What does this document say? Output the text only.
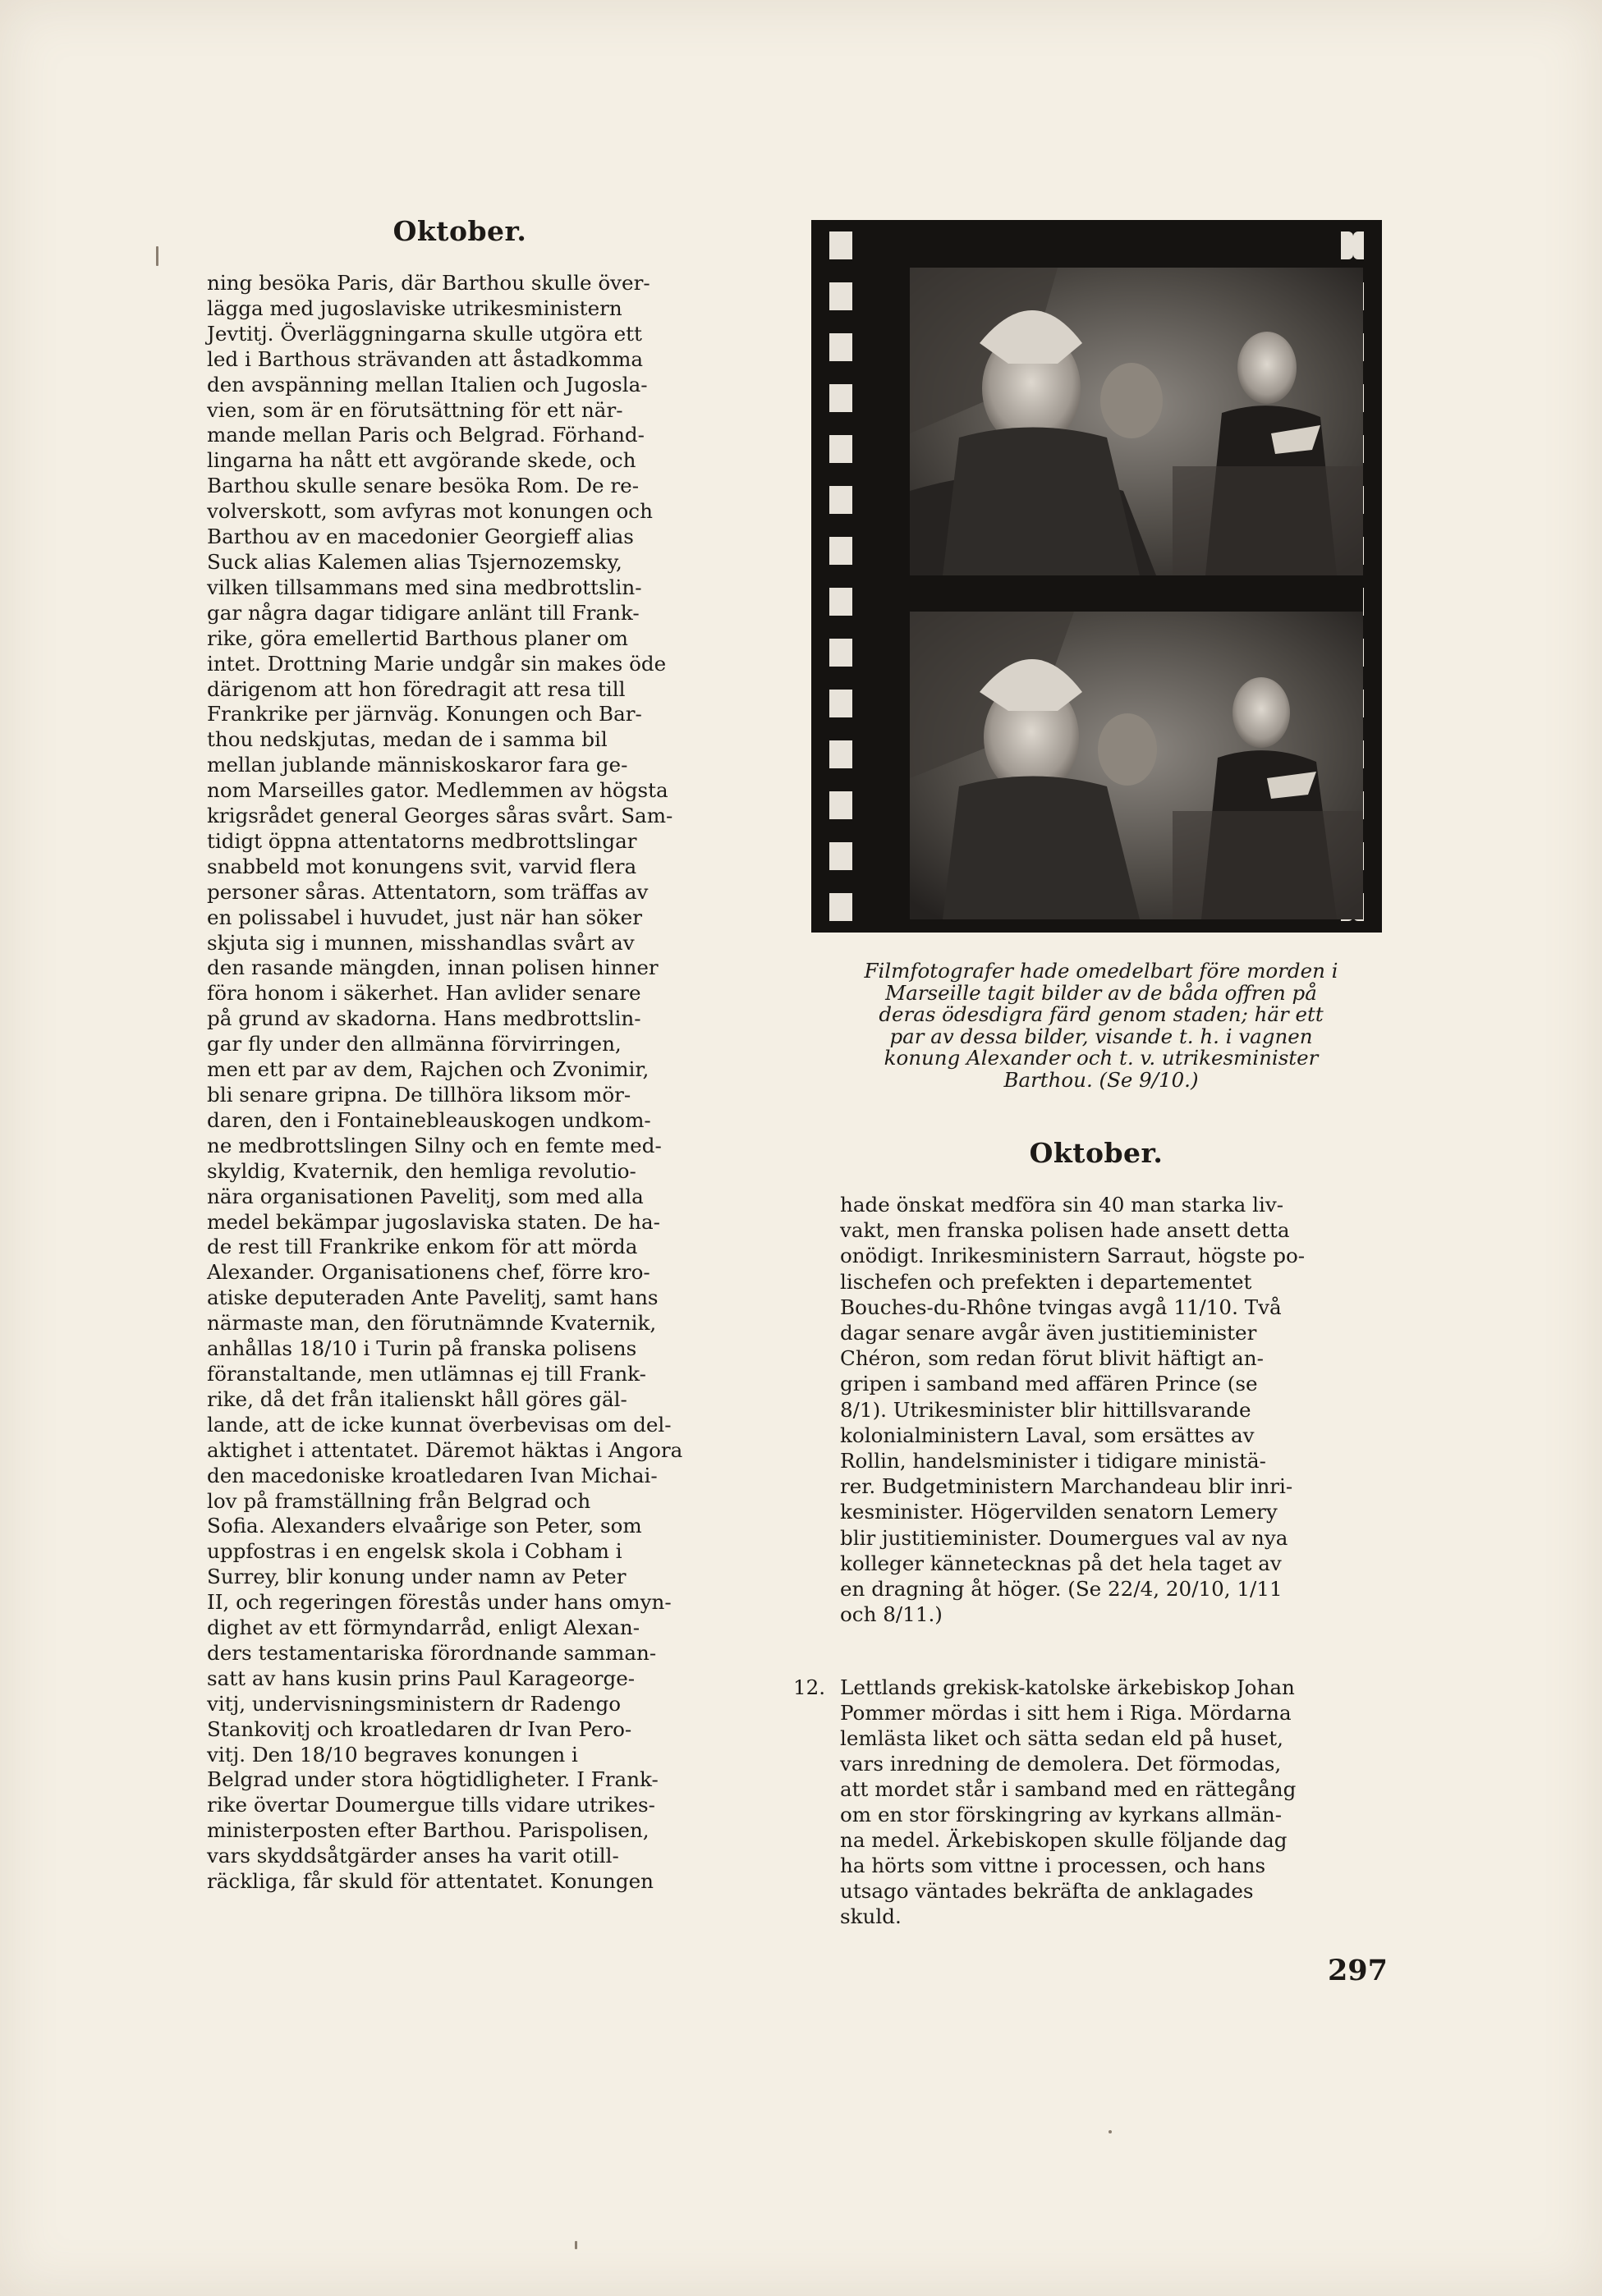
Oktober.
ning besöka Paris, där Barthou skulle över-
lägga med jugoslaviske utrikesministern
Jevtitj. Överläggningarna skulle utgöra ett
led i Barthous strävanden att åstadkomma
den avspänning mellan Italien och Jugosla-
vien, som är en förutsättning för ett när-
mande mellan Paris och Belgrad. Förhand-
lingarna ha nått ett avgörande skede, och
Barthou skulle senare besöka Rom. De re-
volverskott, som avfyras mot konungen och
Barthou av en macedonier Georgieff alias
Suck alias Kalemen alias Tsjernozemsky,
vilken tillsammans med sina medbrottslin-
gar några dagar tidigare anlänt till Frank-
rike, göra emellertid Barthous planer om
intet. Drottning Marie undgår sin makes öde
därigenom att hon föredragit att resa till
Frankrike per järnväg. Konungen och Bar-
thou nedskjutas, medan de i samma bil
mellan jublande människoskaror fara ge-
nom Marseilles gator. Medlemmen av högsta
krigsrådet general Georges såras svårt. Sam-
tidigt öppna attentatorns medbrottslingar
snabbeld mot konungens svit, varvid flera
personer såras. Attentatorn, som träffas av
en polissabel i huvudet, just när han söker
skjuta sig i munnen, misshandlas svårt av
den rasande mängden, innan polisen hinner
föra honom i säkerhet. Han avlider senare
på grund av skadorna. Hans medbrottslin-
gar fly under den allmänna förvirringen,
men ett par av dem, Rajchen och Zvonimir,
bli senare gripna. De tillhöra liksom mör-
daren, den i Fontainebleauskogen undkom-
ne medbrottslingen Silny och en femte med-
skyldig, Kvaternik, den hemliga revolutio-
nära organisationen Pavelitj, som med alla
medel bekämpar jugoslaviska staten. De ha-
de rest till Frankrike enkom för att mörda
Alexander. Organisationens chef, förre kro-
atiske deputeraden Ante Pavelitj, samt hans
närmaste man, den förutnämnde Kvaternik,
anhållas 18/10 i Turin på franska polisens
föranstaltande, men utlämnas ej till Frank-
rike, då det från italienskt håll göres gäl-
lande, att de icke kunnat överbevisas om del-
aktighet i attentatet. Däremot häktas i Angora
den macedoniske kroatledaren Ivan Michai-
lov på framställning från Belgrad och
Sofia. Alexanders elvaårige son Peter, som
uppfostras i en engelsk skola i Cobham i
Surrey, blir konung under namn av Peter
II, och regeringen förestås under hans omyn-
dighet av ett förmyndarråd, enligt Alexan-
ders testamentariska förordnande samman-
satt av hans kusin prins Paul Karageorge-
vitj, undervisningsministern dr Radengo
Stankovitj och kroatledaren dr Ivan Pero-
vitj. Den 18/10 begraves konungen i
Belgrad under stora högtidligheter. I Frank-
rike övertar Doumergue tills vidare utrikes-
ministerposten efter Barthou. Parispolisen,
vars skyddsåtgärder anses ha varit otill-
räckliga, får skuld för attentatet. Konungen
Filmfotografer hade omedelbart före morden i
Marseille tagit bilder av de båda offren på
deras ödesdigra färd genom staden; här ett
par av dessa bilder, visande t. h. i vagnen
konung Alexander och t. v. utrikesminister
Barthou. (Se 9/10.)
Oktober.
hade önskat medföra sin 40 man starka liv-
vakt, men franska polisen hade ansett detta
onödigt. Inrikesministern Sarraut, högste po-
lischefen och prefekten i departementet
Bouches-du-Rhône tvingas avgå 11/10. Två
dagar senare avgår även justitieminister
Chéron, som redan förut blivit häftigt an-
gripen i samband med affären Prince (se
8/1). Utrikesminister blir hittillsvarande
kolonialministern Laval, som ersättes av
Rollin, handelsminister i tidigare ministä-
rer. Budgetministern Marchandeau blir inri-
kesminister. Högervilden senatorn Lemery
blir justitieminister. Doumergues val av nya
kolleger kännetecknas på det hela taget av
en dragning åt höger. (Se 22/4, 20/10, 1/11
och 8/11.)
12. Lettlands grekisk-katolske ärkebiskop Johan
Pommer mördas i sitt hem i Riga. Mördarna
lemlästa liket och sätta sedan eld på huset,
vars inredning de demolera. Det förmodas,
att mordet står i samband med en rättegång
om en stor förskingring av kyrkans allmän-
na medel. Ärkebiskopen skulle följande dag
ha hörts som vittne i processen, och hans
utsago väntades bekräfta de anklagades
skuld.
297
